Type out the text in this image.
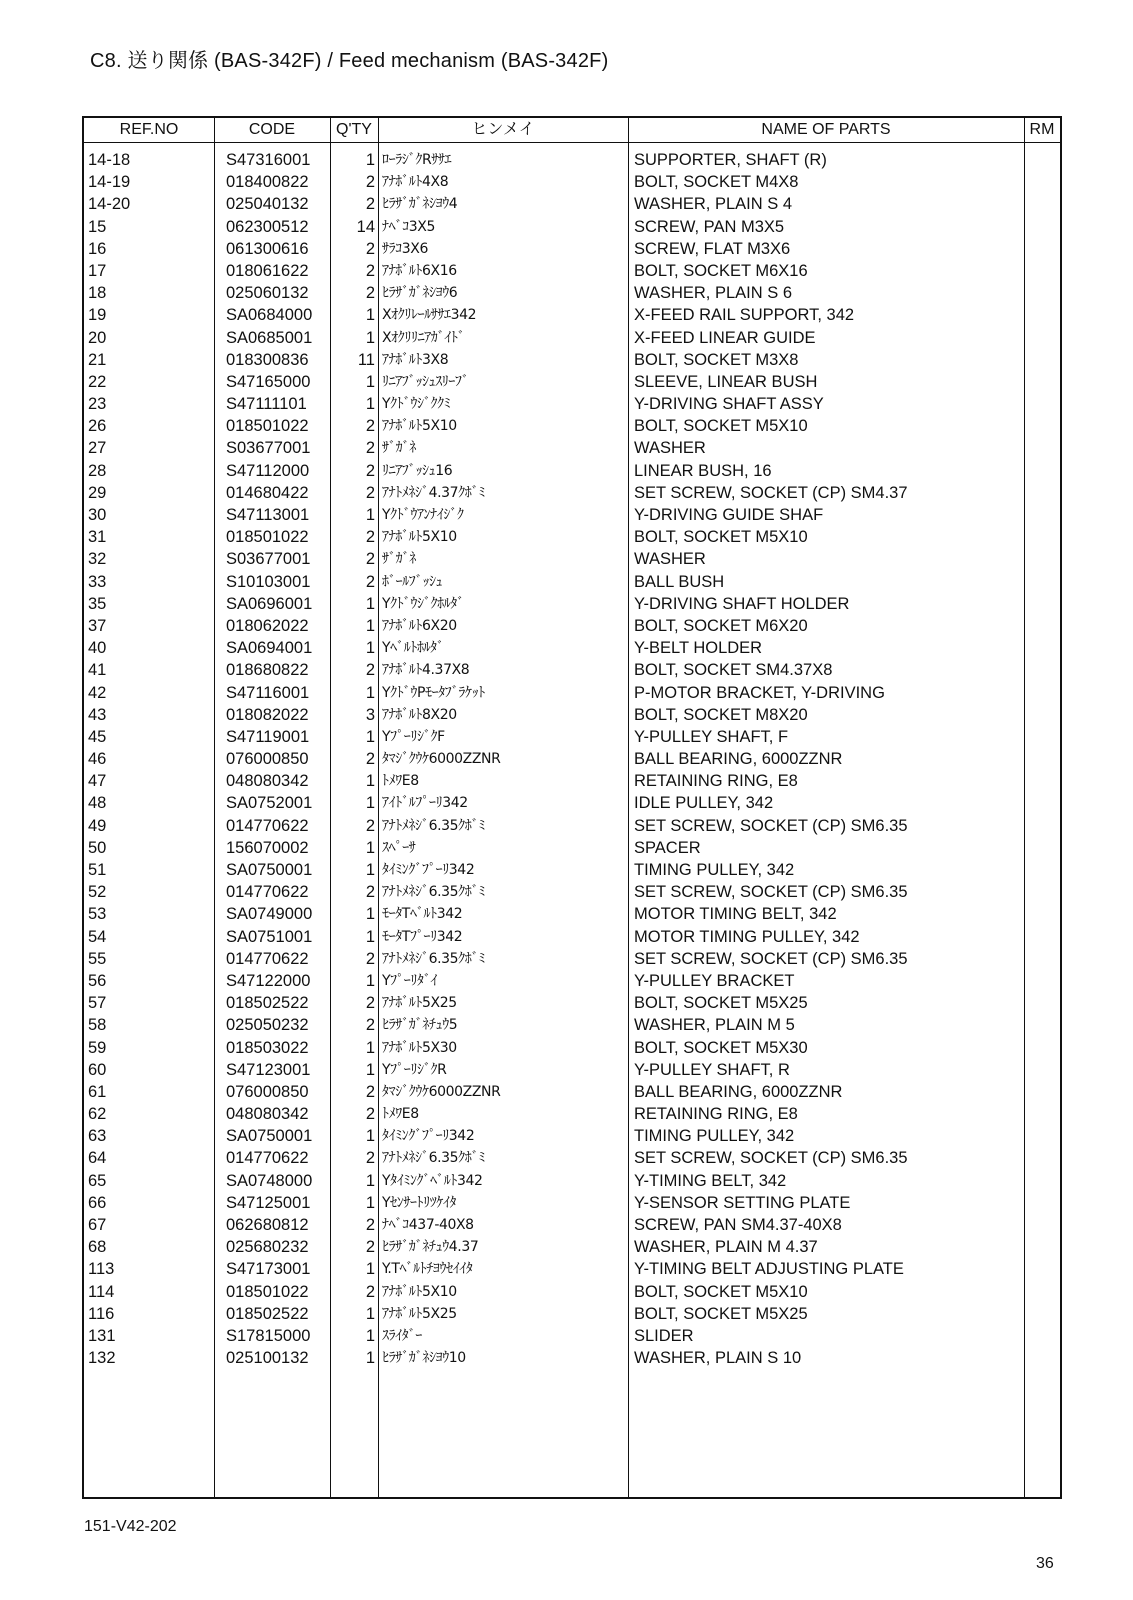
C8. 送り関係 (BAS-342F) / Feed mechanism (BAS-342F)
REF.NO	CODE	Q'TY	ヒンメイ	NAME OF PARTS	RM
14-18	S47316001	1 ﾛｰﾗｼﾞｸRｻｻｴ	SUPPORTER, SHAFT (R)
14-19	018400822	2 ｱﾅﾎﾞﾙﾄ4X8	BOLT, SOCKET M4X8
14-20	025040132	2 ﾋﾗｻﾞｶﾞﾈｼﾖｳ4	WASHER, PLAIN S 4
15	062300512	14 ﾅﾍﾞｺ3X5	SCREW, PAN M3X5
16	061300616	2 ｻﾗｺ3X6	SCREW, FLAT M3X6
17	018061622	2 ｱﾅﾎﾞﾙﾄ6X16	BOLT, SOCKET M6X16
18	025060132	2 ﾋﾗｻﾞｶﾞﾈｼﾖｳ6	WASHER, PLAIN S 6
19	SA0684000	1 Xｵｸﾘﾚｰﾙｻｻｴ342	X-FEED RAIL SUPPORT, 342
20	SA0685001	1 Xｵｸﾘﾘﾆｱｶﾞｲﾄﾞ	X-FEED LINEAR GUIDE
21	018300836	11 ｱﾅﾎﾞﾙﾄ3X8	BOLT, SOCKET M3X8
22	S47165000	1 ﾘﾆｱﾌﾞｯｼｭｽﾘｰﾌﾞ	SLEEVE, LINEAR BUSH
23	S47111101	1 Yｸﾄﾞｳｼﾞｸｸﾐ	Y-DRIVING SHAFT ASSY
26	018501022	2 ｱﾅﾎﾞﾙﾄ5X10	BOLT, SOCKET M5X10
27	S03677001	2 ｻﾞｶﾞﾈ	WASHER
28	S47112000	2 ﾘﾆｱﾌﾞｯｼｭ16	LINEAR BUSH, 16
29	014680422	2 ｱﾅﾄﾒﾈｼﾞ4.37ｸﾎﾞﾐ	SET SCREW, SOCKET (CP) SM4.37
30	S47113001	1 Yｸﾄﾞｳｱﾝﾅｲｼﾞｸ	Y-DRIVING GUIDE SHAF
31	018501022	2 ｱﾅﾎﾞﾙﾄ5X10	BOLT, SOCKET M5X10
32	S03677001	2 ｻﾞｶﾞﾈ	WASHER
33	S10103001	2 ﾎﾞｰﾙﾌﾞｯｼｭ	BALL BUSH
35	SA0696001	1 Yｸﾄﾞｳｼﾞｸﾎﾙﾀﾞ	Y-DRIVING SHAFT HOLDER
37	018062022	1 ｱﾅﾎﾞﾙﾄ6X20	BOLT, SOCKET M6X20
40	SA0694001	1 Yﾍﾞﾙﾄﾎﾙﾀﾞ	Y-BELT HOLDER
41	018680822	2 ｱﾅﾎﾞﾙﾄ4.37X8	BOLT, SOCKET SM4.37X8
42	S47116001	1 YｸﾄﾞｳPﾓｰﾀﾌﾞﾗｹｯﾄ	P-MOTOR BRACKET, Y-DRIVING
43	018082022	3 ｱﾅﾎﾞﾙﾄ8X20	BOLT, SOCKET M8X20
45	S47119001	1 YﾌﾟｰﾘｼﾞｸF	Y-PULLEY SHAFT, F
46	076000850	2 ﾀﾏｼﾞｸｳｹ6000ZZNR	BALL BEARING, 6000ZZNR
47	048080342	1 ﾄﾒﾜE8	RETAINING RING, E8
48	SA0752001	1 ｱｲﾄﾞﾙﾌﾟｰﾘ342	IDLE PULLEY, 342
49	014770622	2 ｱﾅﾄﾒﾈｼﾞ6.35ｸﾎﾞﾐ	SET SCREW, SOCKET (CP) SM6.35
50	156070002	1 ｽﾍﾟｰｻ	SPACER
51	SA0750001	1 ﾀｲﾐﾝｸﾞﾌﾟｰﾘ342	TIMING PULLEY, 342
52	014770622	2 ｱﾅﾄﾒﾈｼﾞ6.35ｸﾎﾞﾐ	SET SCREW, SOCKET (CP) SM6.35
53	SA0749000	1 ﾓｰﾀTﾍﾞﾙﾄ342	MOTOR TIMING BELT, 342
54	SA0751001	1 ﾓｰﾀTﾌﾟｰﾘ342	MOTOR TIMING PULLEY, 342
55	014770622	2 ｱﾅﾄﾒﾈｼﾞ6.35ｸﾎﾞﾐ	SET SCREW, SOCKET (CP) SM6.35
56	S47122000	1 Yﾌﾟｰﾘﾀﾞｲ	Y-PULLEY BRACKET
57	018502522	2 ｱﾅﾎﾞﾙﾄ5X25	BOLT, SOCKET M5X25
58	025050232	2 ﾋﾗｻﾞｶﾞﾈﾁｭｳ5	WASHER, PLAIN M 5
59	018503022	1 ｱﾅﾎﾞﾙﾄ5X30	BOLT, SOCKET M5X30
60	S47123001	1 YﾌﾟｰﾘｼﾞｸR	Y-PULLEY SHAFT, R
61	076000850	2 ﾀﾏｼﾞｸｳｹ6000ZZNR	BALL BEARING, 6000ZZNR
62	048080342	2 ﾄﾒﾜE8	RETAINING RING, E8
63	SA0750001	1 ﾀｲﾐﾝｸﾞﾌﾟｰﾘ342	TIMING PULLEY, 342
64	014770622	2 ｱﾅﾄﾒﾈｼﾞ6.35ｸﾎﾞﾐ	SET SCREW, SOCKET (CP) SM6.35
65	SA0748000	1 Yﾀｲﾐﾝｸﾞﾍﾞﾙﾄ342	Y-TIMING BELT, 342
66	S47125001	1 Yｾﾝｻｰﾄﾘﾂｹｲﾀ	Y-SENSOR SETTING PLATE
67	062680812	2 ﾅﾍﾞｺ437-40X8	SCREW, PAN SM4.37-40X8
68	025680232	2 ﾋﾗｻﾞｶﾞﾈﾁｭｳ4.37	WASHER, PLAIN M 4.37
113	S47173001	1 Y.Tﾍﾞﾙﾄﾁﾖｳｾｲｲﾀ	Y-TIMING BELT ADJUSTING PLATE
114	018501022	2 ｱﾅﾎﾞﾙﾄ5X10	BOLT, SOCKET M5X10
116	018502522	1 ｱﾅﾎﾞﾙﾄ5X25	BOLT, SOCKET M5X25
131	S17815000	1 ｽﾗｲﾀﾞｰ	SLIDER
132	025100132	1 ﾋﾗｻﾞｶﾞﾈｼﾖｳ10	WASHER, PLAIN S 10
151-V42-202
36
